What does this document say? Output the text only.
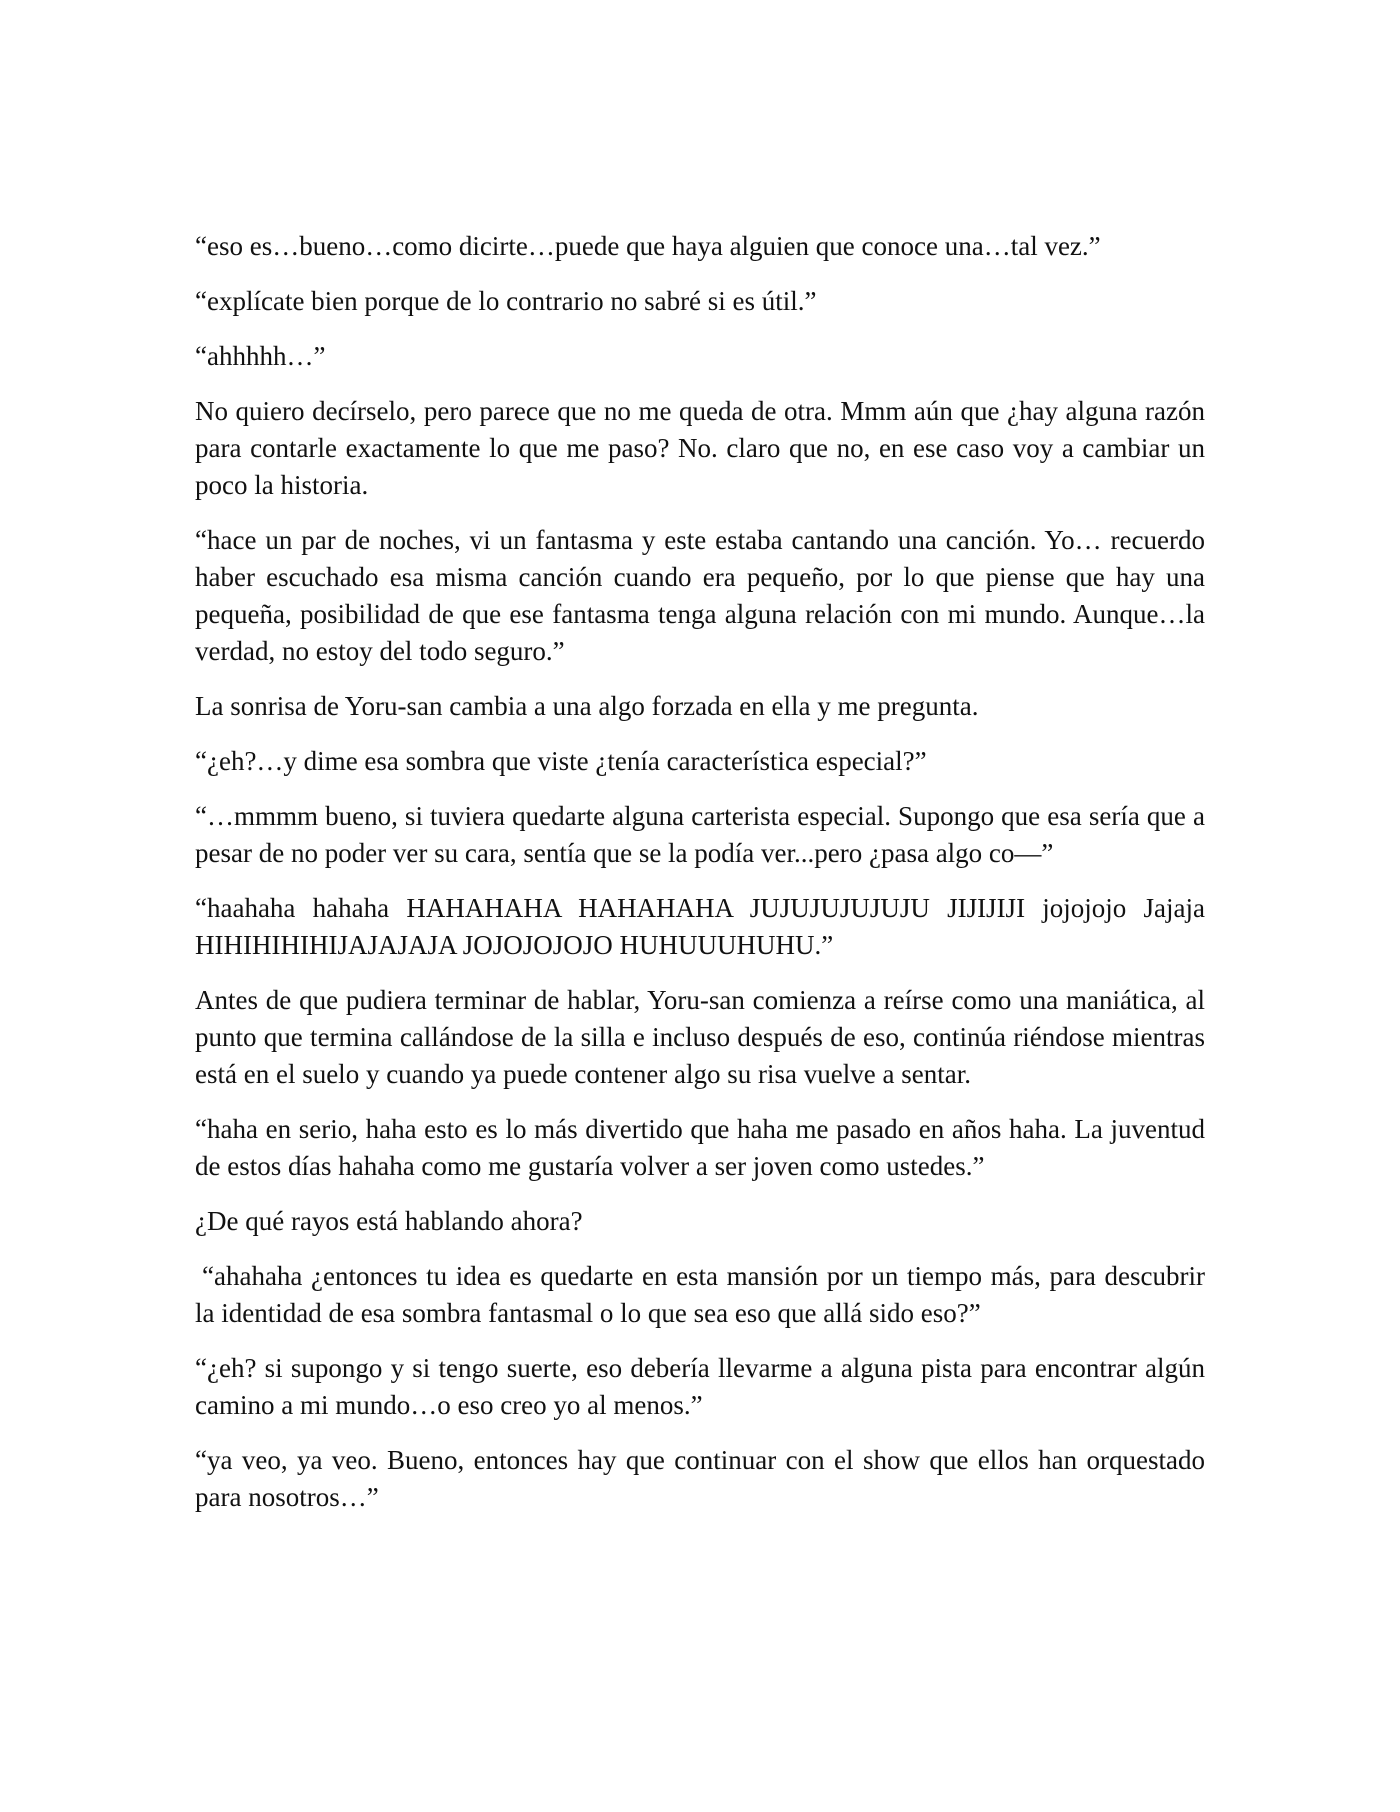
“eso es…bueno…como dicirte…puede que haya alguien que conoce una…tal vez.”

“explícate bien porque de lo contrario no sabré si es útil.”

“ahhhhh…”

No quiero decírselo, pero parece que no me queda de otra. Mmm aún que ¿hay alguna razón para contarle exactamente lo que me paso? No. claro que no, en ese caso voy a cambiar un poco la historia.

“hace un par de noches, vi un fantasma y este estaba cantando una canción. Yo… recuerdo haber escuchado esa misma canción cuando era pequeño, por lo que piense que hay una pequeña, posibilidad de que ese fantasma tenga alguna relación con mi mundo. Aunque…la verdad, no estoy del todo seguro.”

La sonrisa de Yoru-san cambia a una algo forzada en ella y me pregunta.

“¿eh?…y dime esa sombra que viste ¿tenía característica especial?”

“…mmmm bueno, si tuviera quedarte alguna carterista especial. Supongo que esa sería que a pesar de no poder ver su cara, sentía que se la podía ver...pero ¿pasa algo co—”

“haahaha hahaha HAHAHAHA HAHAHAHA JUJUJUJUJUJU JIJIJIJI jojojojo Jajaja HIHIHIHIHIJAJAJAJA JOJOJOJOJO HUHUUUHUHU.”

Antes de que pudiera terminar de hablar, Yoru-san comienza a reírse como una maniática, al punto que termina callándose de la silla e incluso después de eso, continúa riéndose mientras está en el suelo y cuando ya puede contener algo su risa vuelve a sentar.

“haha en serio, haha esto es lo más divertido que haha me pasado en años haha. La juventud de estos días hahaha como me gustaría volver a ser joven como ustedes.”

¿De qué rayos está hablando ahora?

“ahahaha ¿entonces tu idea es quedarte en esta mansión por un tiempo más, para descubrir la identidad de esa sombra fantasmal o lo que sea eso que allá sido eso?”

“¿eh? si supongo y si tengo suerte, eso debería llevarme a alguna pista para encontrar algún camino a mi mundo…o eso creo yo al menos.”

“ya veo, ya veo. Bueno, entonces hay que continuar con el show que ellos han orquestado para nosotros…”
